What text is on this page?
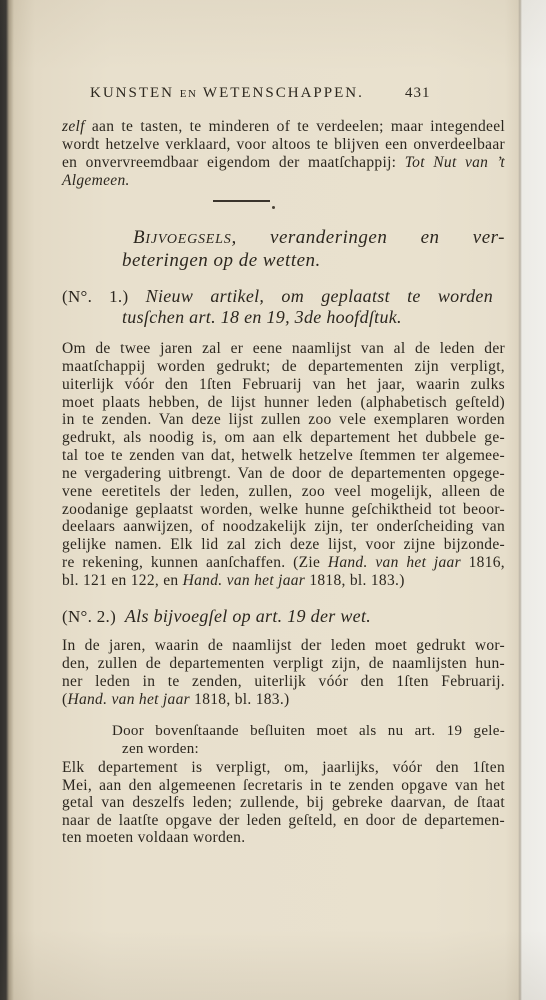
KUNSTEN EN WETENSCHAPPEN.	431
zelf aan te tasten, te minderen of te verdeelen; maar integendeel
wordt hetzelve verklaard, voor altoos te blijven een onverdeelbaar
en onvervreemdbaar eigendom der maatſchappij: Tot Nut van ’t
Algemeen.
BIJVOEGSELS, veranderingen en ver-
beteringen op de wetten.
(N°. 1.) Nieuw artikel, om geplaatst te worden
tusſchen art. 18 en 19, 3de hoofdſtuk.
Om de twee jaren zal er eene naamlijst van al de leden der
maatſchappij worden gedrukt; de departementen zijn verpligt,
uiterlijk vóór den 1ſten Februarij van het jaar, waarin zulks
moet plaats hebben, de lijst hunner leden (alphabetisch geſteld)
in te zenden. Van deze lijst zullen zoo vele exemplaren worden
gedrukt, als noodig is, om aan elk departement het dubbele ge-
tal toe te zenden van dat, hetwelk hetzelve ſtemmen ter algemee-
ne vergadering uitbrengt. Van de door de departementen opgege-
vene eeretitels der leden, zullen, zoo veel mogelijk, alleen de
zoodanige geplaatst worden, welke hunne geſchiktheid tot beoor-
deelaars aanwijzen, of noodzakelijk zijn, ter onderſcheiding van
gelijke namen. Elk lid zal zich deze lijst, voor zijne bijzonde-
re rekening, kunnen aanſchaffen. (Zie Hand. van het jaar 1816,
bl. 121 en 122, en Hand. van het jaar 1818, bl. 183.)
(N°. 2.) Als bijvoegſel op art. 19 der wet.
In de jaren, waarin de naamlijst der leden moet gedrukt wor-
den, zullen de departementen verpligt zijn, de naamlijsten hun-
ner leden in te zenden, uiterlijk vóór den 1ſten Februarij.
(Hand. van het jaar 1818, bl. 183.)
Door bovenſtaande beſluiten moet als nu art. 19 gele-
zen worden:
Elk departement is verpligt, om, jaarlijks, vóór den 1ſten
Mei, aan den algemeenen ſecretaris in te zenden opgave van het
getal van deszelfs leden; zullende, bij gebreke daarvan, de ſtaat
naar de laatſte opgave der leden geſteld, en door de departemen-
ten moeten voldaan worden.
